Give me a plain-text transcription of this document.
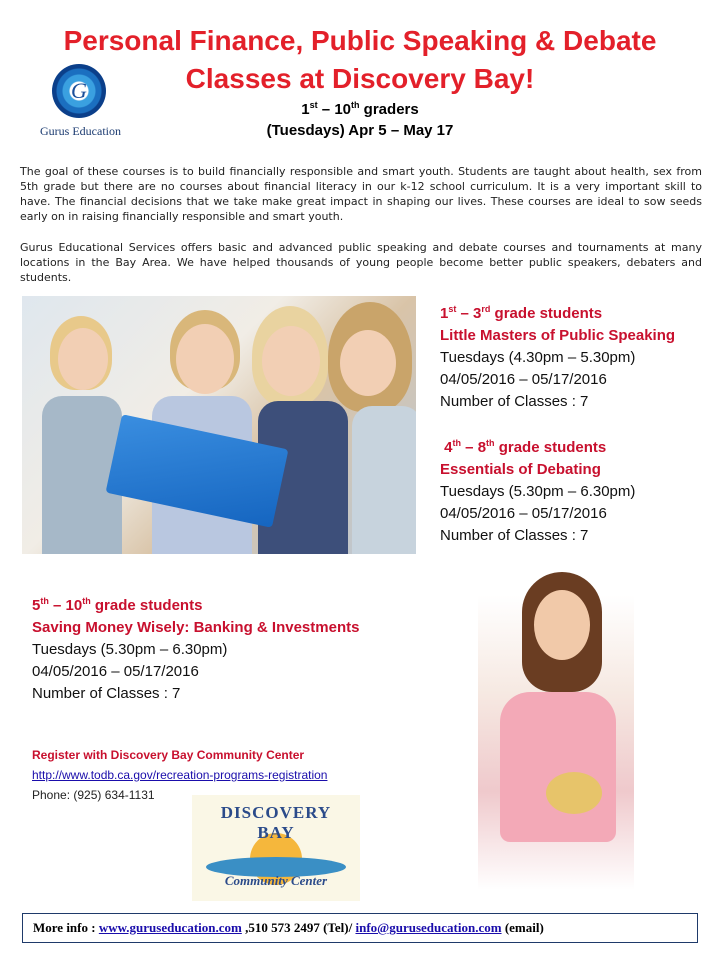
Personal Finance, Public Speaking & Debate
Classes at Discovery Bay!
1st – 10th graders
(Tuesdays) Apr 5 – May 17
G
Gurus Education
The goal of these courses is to build financially responsible and smart youth. Students are taught about health, sex from 5th grade but there are no courses about financial literacy in our k-12 school curriculum. It is a very important skill to have. The financial decisions that we take make great impact in shaping our lives. These courses are ideal to sow seeds early on in raising financially responsible and smart youth.
Gurus Educational Services offers basic and advanced public speaking and debate courses and tournaments at many locations in the Bay Area. We have helped thousands of young people become better public speakers, debaters and students.
1st – 3rd grade students
Little Masters of Public Speaking
Tuesdays (4.30pm – 5.30pm)
04/05/2016 – 05/17/2016
Number of Classes : 7
4th – 8th grade students
Essentials of Debating
Tuesdays (5.30pm – 6.30pm)
04/05/2016 – 05/17/2016
Number of Classes : 7
5th – 10th grade students
Saving Money Wisely: Banking & Investments
Tuesdays (5.30pm – 6.30pm)
04/05/2016 – 05/17/2016
Number of Classes : 7
Register with Discovery Bay Community Center
http://www.todb.ca.gov/recreation-programs-registration
Phone: (925) 634-1131
DISCOVERY BAY
Community Center
More info : www.guruseducation.com ,510 573 2497 (Tel)/ info@guruseducation.com (email)
